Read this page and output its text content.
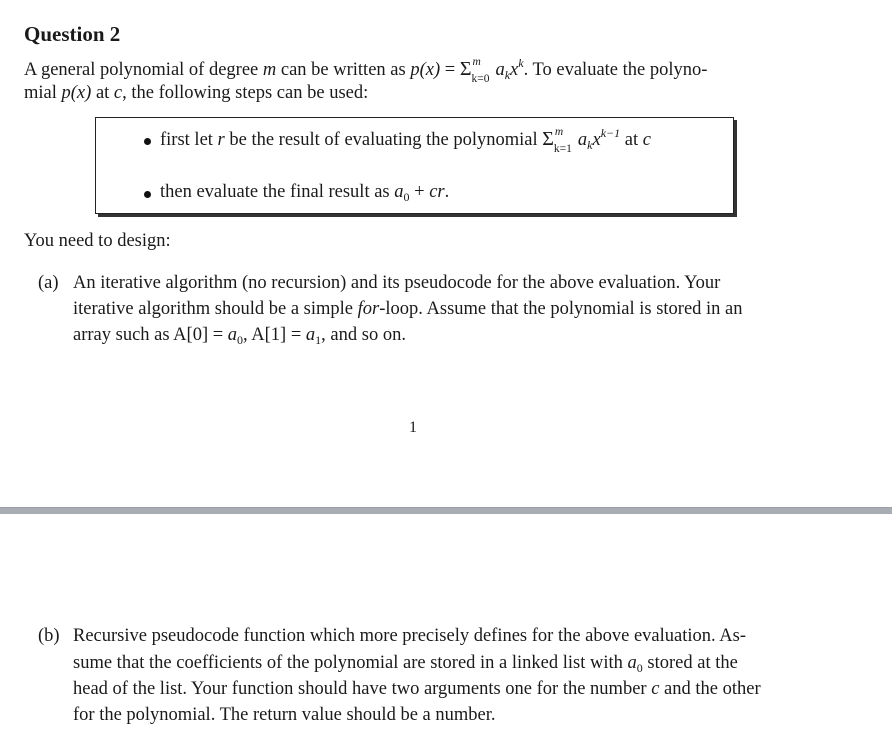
Question 2
A general polynomial of degree m can be written as p(x) = Σ m
k=0 $a_kx^k$. To evaluate the polyno-
mial p(x) at c, the following steps can be used:
first let r be the result of evaluating the polynomial Σ m
k=1 $a_kx^{k-1}$ at c
then evaluate the final result as $a_0$ + cr.
You need to design:
(a) An iterative algorithm (no recursion) and its pseudocode for the above evaluation. Your
iterative algorithm should be a simple for-loop. Assume that the polynomial is stored in an
array such as $A[0] = a_0$, $A[1] = a_1$, and so on.
1
(b) Recursive pseudocode function which more precisely defines for the above evaluation. As-
sume that the coefficients of the polynomial are stored in a linked list with $a_0$ stored at the
head of the list. Your function should have two arguments one for the number c and the other
for the polynomial. The return value should be a number.
